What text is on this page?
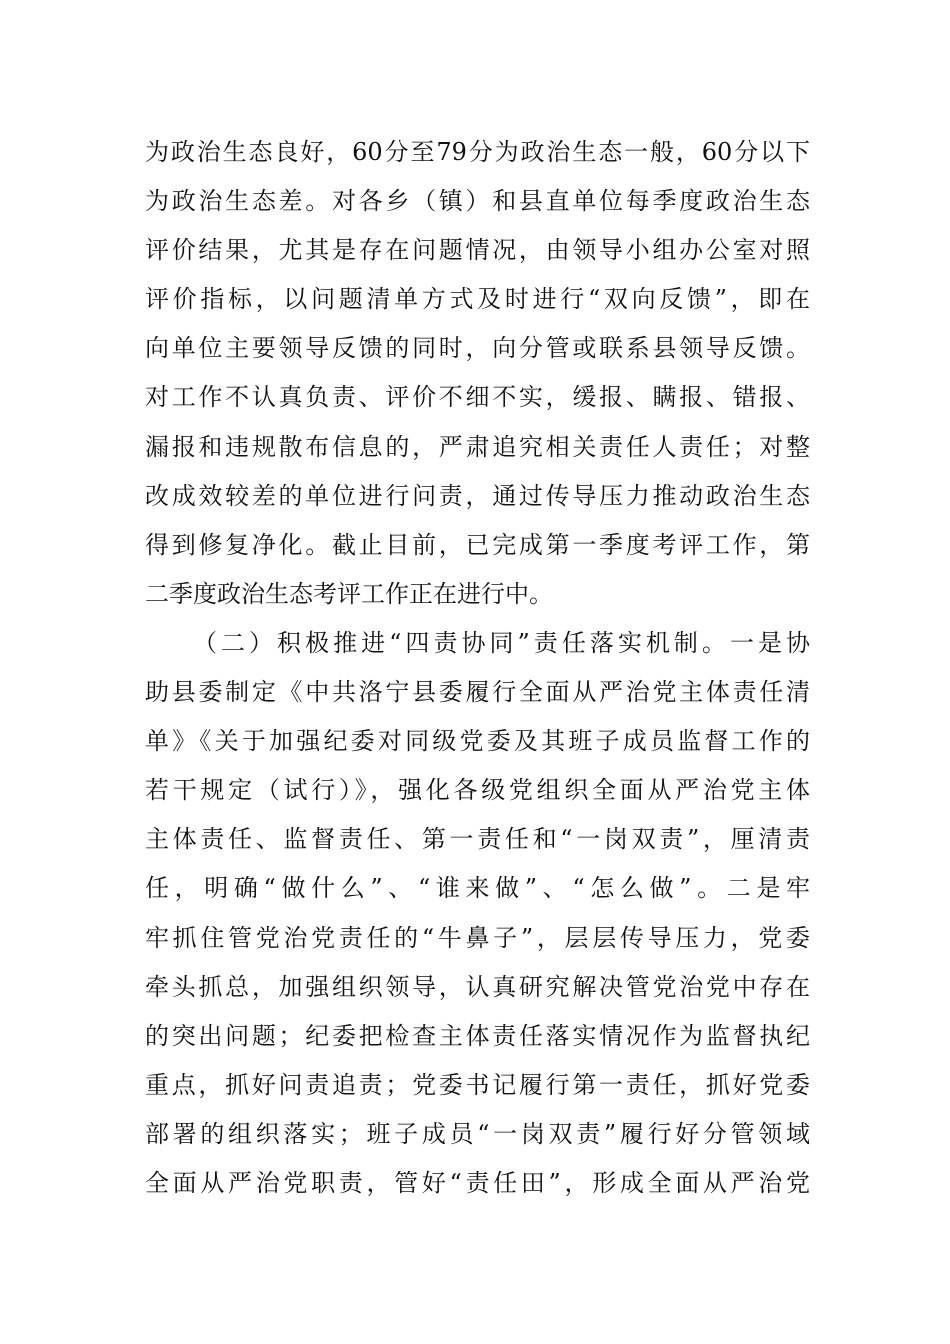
为政治生态良好，60分至79分为政治生态一般，60分以下
为政治生态差。对各乡（镇）和县直单位每季度政治生态
评价结果，尤其是存在问题情况，由领导小组办公室对照
评价指标，以问题清单方式及时进行“双向反馈”，即在
向单位主要领导反馈的同时，向分管或联系县领导反馈。
对工作不认真负责、评价不细不实，缓报、瞒报、错报、
漏报和违规散布信息的，严肃追究相关责任人责任；对整
改成效较差的单位进行问责，通过传导压力推动政治生态
得到修复净化。截止目前，已完成第一季度考评工作，第
二季度政治生态考评工作正在进行中。
（二）积极推进“四责协同”责任落实机制。一是协
助县委制定《中共洛宁县委履行全面从严治党主体责任清
单》《关于加强纪委对同级党委及其班子成员监督工作的
若干规定（试行）》，强化各级党组织全面从严治党主体
主体责任、监督责任、第一责任和“一岗双责”，厘清责
任，明确“做什么”、“谁来做”、“怎么做”。二是牢
牢抓住管党治党责任的“牛鼻子”，层层传导压力，党委
牵头抓总，加强组织领导，认真研究解决管党治党中存在
的突出问题；纪委把检查主体责任落实情况作为监督执纪
重点，抓好问责追责；党委书记履行第一责任，抓好党委
部署的组织落实；班子成员“一岗双责”履行好分管领域
全面从严治党职责，管好“责任田”，形成全面从严治党
